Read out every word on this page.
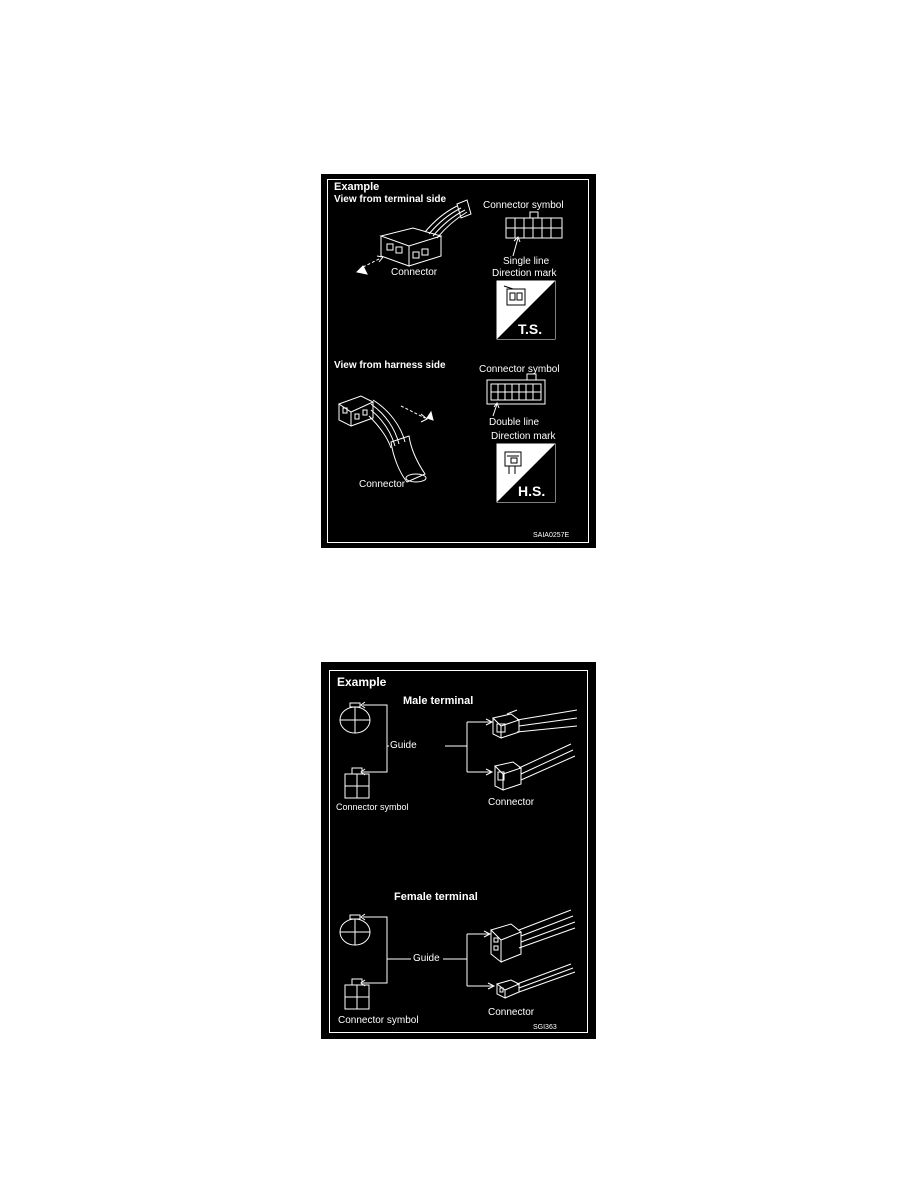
Example
View from terminal side
Connector symbol
Connector
Single line
Direction mark
T.S.
View from harness side	Connector symbol
Double line
Direction mark
H.S.
Connector
SAIA0257E
Example
Male terminal
Guide
Connector symbol	Connector
Female terminal
Guide
Connector symbol
Connector
SGI363
